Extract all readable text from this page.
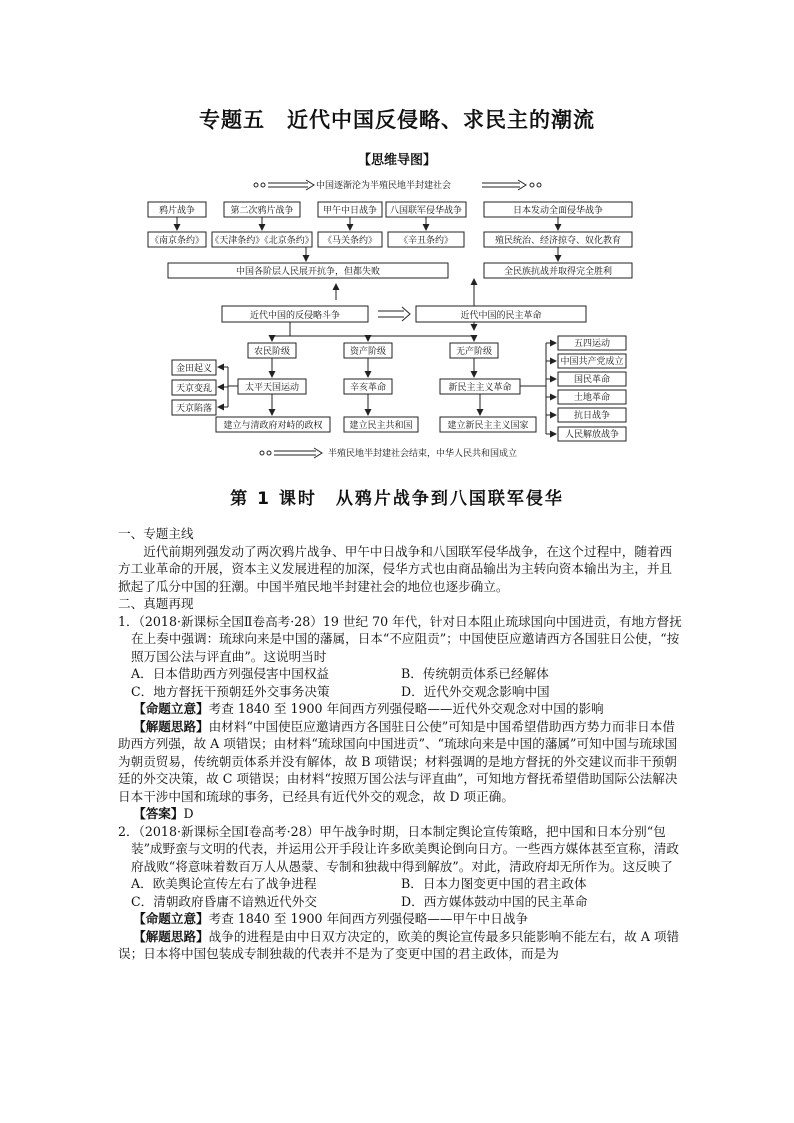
专题五　近代中国反侵略、求民主的潮流
【思维导图】
中国逐渐沦为半殖民地半封建社会
鸦片战争	第二次鸦片战争	甲午中日战争 八国联军侵华战争	日本发动全面侵华战争
《南京条约》 《天津条约》《北京条约》 《马关条约》 《辛丑条约》	殖民统治、经济掠夺、奴化教育
中国各阶层人民展开抗争，但都失败	全民族抗战并取得完全胜利
近代中国的反侵略斗争	近代中国的民主革命
农民阶级	资产阶级	无产阶级
太平天国运动	辛亥革命	新民主主义革命
建立与清政府对峙的政权	建立民主共和国	建立新民主主义国家
金田起义
天京变乱
天京陷落
五四运动
中国共产党成立
国民革命
土地革命
抗日战争
人民解放战争
半殖民地半封建社会结束，中华人民共和国成立
第 1 课时　从鸦片战争到八国联军侵华

一、专题主线

近代前期列强发动了两次鸦片战争、甲午中日战争和八国联军侵华战争，在这个过程中，随着西方工业革命的开展，资本主义发展进程的加深，侵华方式也由商品输出为主转向资本输出为主，并且掀起了瓜分中国的狂潮。中国半殖民地半封建社会的地位也逐步确立。

二、真题再现

1．（2018·新课标全国Ⅱ卷高考·28）19 世纪 70 年代，针对日本阻止琉球国向中国进贡，有地方督抚在上奏中强调：琉球向来是中国的藩属，日本“不应阻贡”；中国使臣应邀请西方各国驻日公使，“按照万国公法与评直曲”。这说明当时

A．日本借助西方列强侵害中国权益	B．传统朝贡体系已经解体
C．地方督抚干预朝廷外交事务决策	D．近代外交观念影响中国

【命题立意】考查 1840 至 1900 年间西方列强侵略——近代外交观念对中国的影响

【解题思路】由材料“中国使臣应邀请西方各国驻日公使”可知是中国希望借助西方势力而非日本借助西方列强，故 A 项错误；由材料“琉球国向中国进贡”、“琉球向来是中国的藩属”可知中国与琉球国为朝贡贸易，传统朝贡体系并没有解体，故 B 项错误；材料强调的是地方督抚的外交建议而非干预朝廷的外交决策，故 C 项错误；由材料“按照万国公法与评直曲”，可知地方督抚希望借助国际公法解决日本干涉中国和琉球的事务，已经具有近代外交的观念，故 D 项正确。

【答案】D

2．（2018·新课标全国Ⅰ卷高考·28）甲午战争时期，日本制定舆论宣传策略，把中国和日本分别“包装”成野蛮与文明的代表，并运用公开手段让许多欧美舆论倒向日方。一些西方媒体甚至宣称，清政府战败“将意味着数百万人从愚蒙、专制和独裁中得到解放”。对此，清政府却无所作为。这反映了

A．欧美舆论宣传左右了战争进程	B．日本力图变更中国的君主政体
C．清朝政府昏庸不谙熟近代外交	D．西方媒体鼓动中国的民主革命

【命题立意】考查 1840 至 1900 年间西方列强侵略——甲午中日战争

【解题思路】战争的进程是由中日双方决定的，欧美的舆论宣传最多只能影响不能左右，故 A 项错误；日本将中国包装成专制独裁的代表并不是为了变更中国的君主政体，而是为
